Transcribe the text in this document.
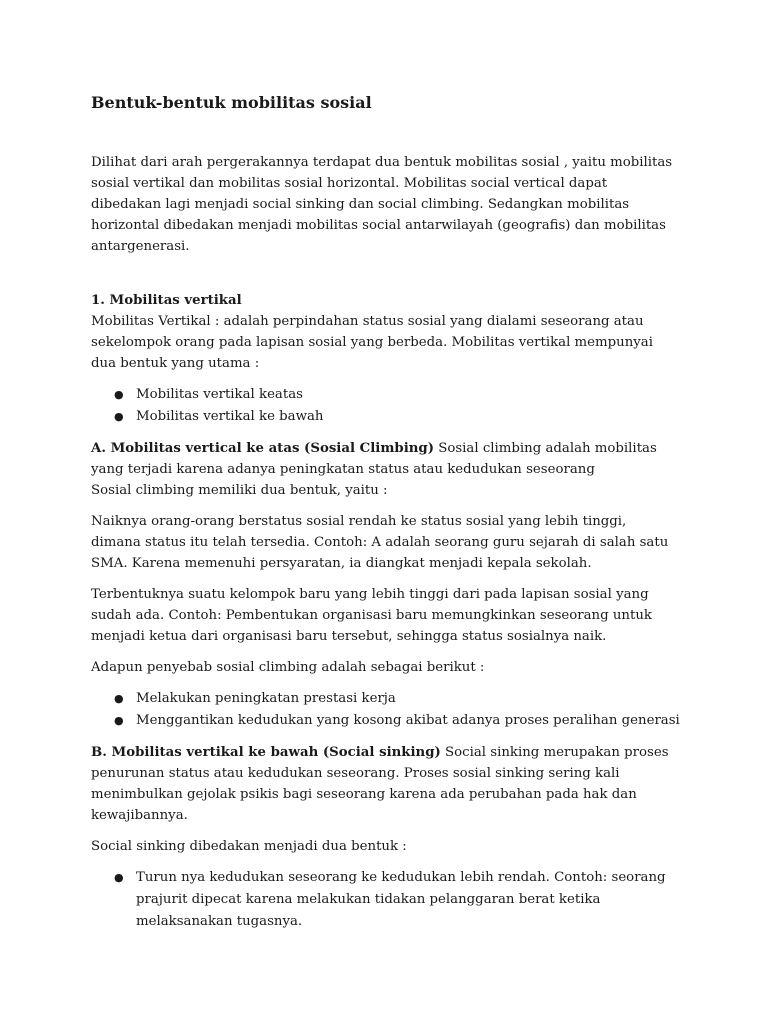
Bentuk-bentuk mobilitas sosial

Dilihat dari arah pergerakannya terdapat dua bentuk mobilitas sosial , yaitu mobilitas sosial vertikal dan mobilitas sosial horizontal. Mobilitas social vertical dapat dibedakan lagi menjadi social sinking dan social climbing. Sedangkan mobilitas horizontal dibedakan menjadi mobilitas social antarwilayah (geografis) dan mobilitas antargenerasi.

1. Mobilitas vertikal
Mobilitas Vertikal : adalah perpindahan status sosial yang dialami seseorang atau sekelompok orang pada lapisan sosial yang berbeda. Mobilitas vertikal mempunyai dua bentuk yang utama :

● Mobilitas vertikal keatas
● Mobilitas vertikal ke bawah

A. Mobilitas vertical ke atas (Sosial Climbing) Sosial climbing adalah mobilitas yang terjadi karena adanya peningkatan status atau kedudukan seseorang
Sosial climbing memiliki dua bentuk, yaitu :

Naiknya orang-orang berstatus sosial rendah ke status sosial yang lebih tinggi, dimana status itu telah tersedia. Contoh: A adalah seorang guru sejarah di salah satu SMA. Karena memenuhi persyaratan, ia diangkat menjadi kepala sekolah.

Terbentuknya suatu kelompok baru yang lebih tinggi dari pada lapisan sosial yang sudah ada. Contoh: Pembentukan organisasi baru memungkinkan seseorang untuk menjadi ketua dari organisasi baru tersebut, sehingga status sosialnya naik.

Adapun penyebab sosial climbing adalah sebagai berikut :

● Melakukan peningkatan prestasi kerja
● Menggantikan kedudukan yang kosong akibat adanya proses peralihan generasi

B. Mobilitas vertikal ke bawah (Social sinking) Social sinking merupakan proses penurunan status atau kedudukan seseorang. Proses sosial sinking sering kali menimbulkan gejolak psikis bagi seseorang karena ada perubahan pada hak dan kewajibannya.

Social sinking dibedakan menjadi dua bentuk :

● Turun nya kedudukan seseorang ke kedudukan lebih rendah. Contoh: seorang prajurit dipecat karena melakukan tidakan pelanggaran berat ketika melaksanakan tugasnya.
